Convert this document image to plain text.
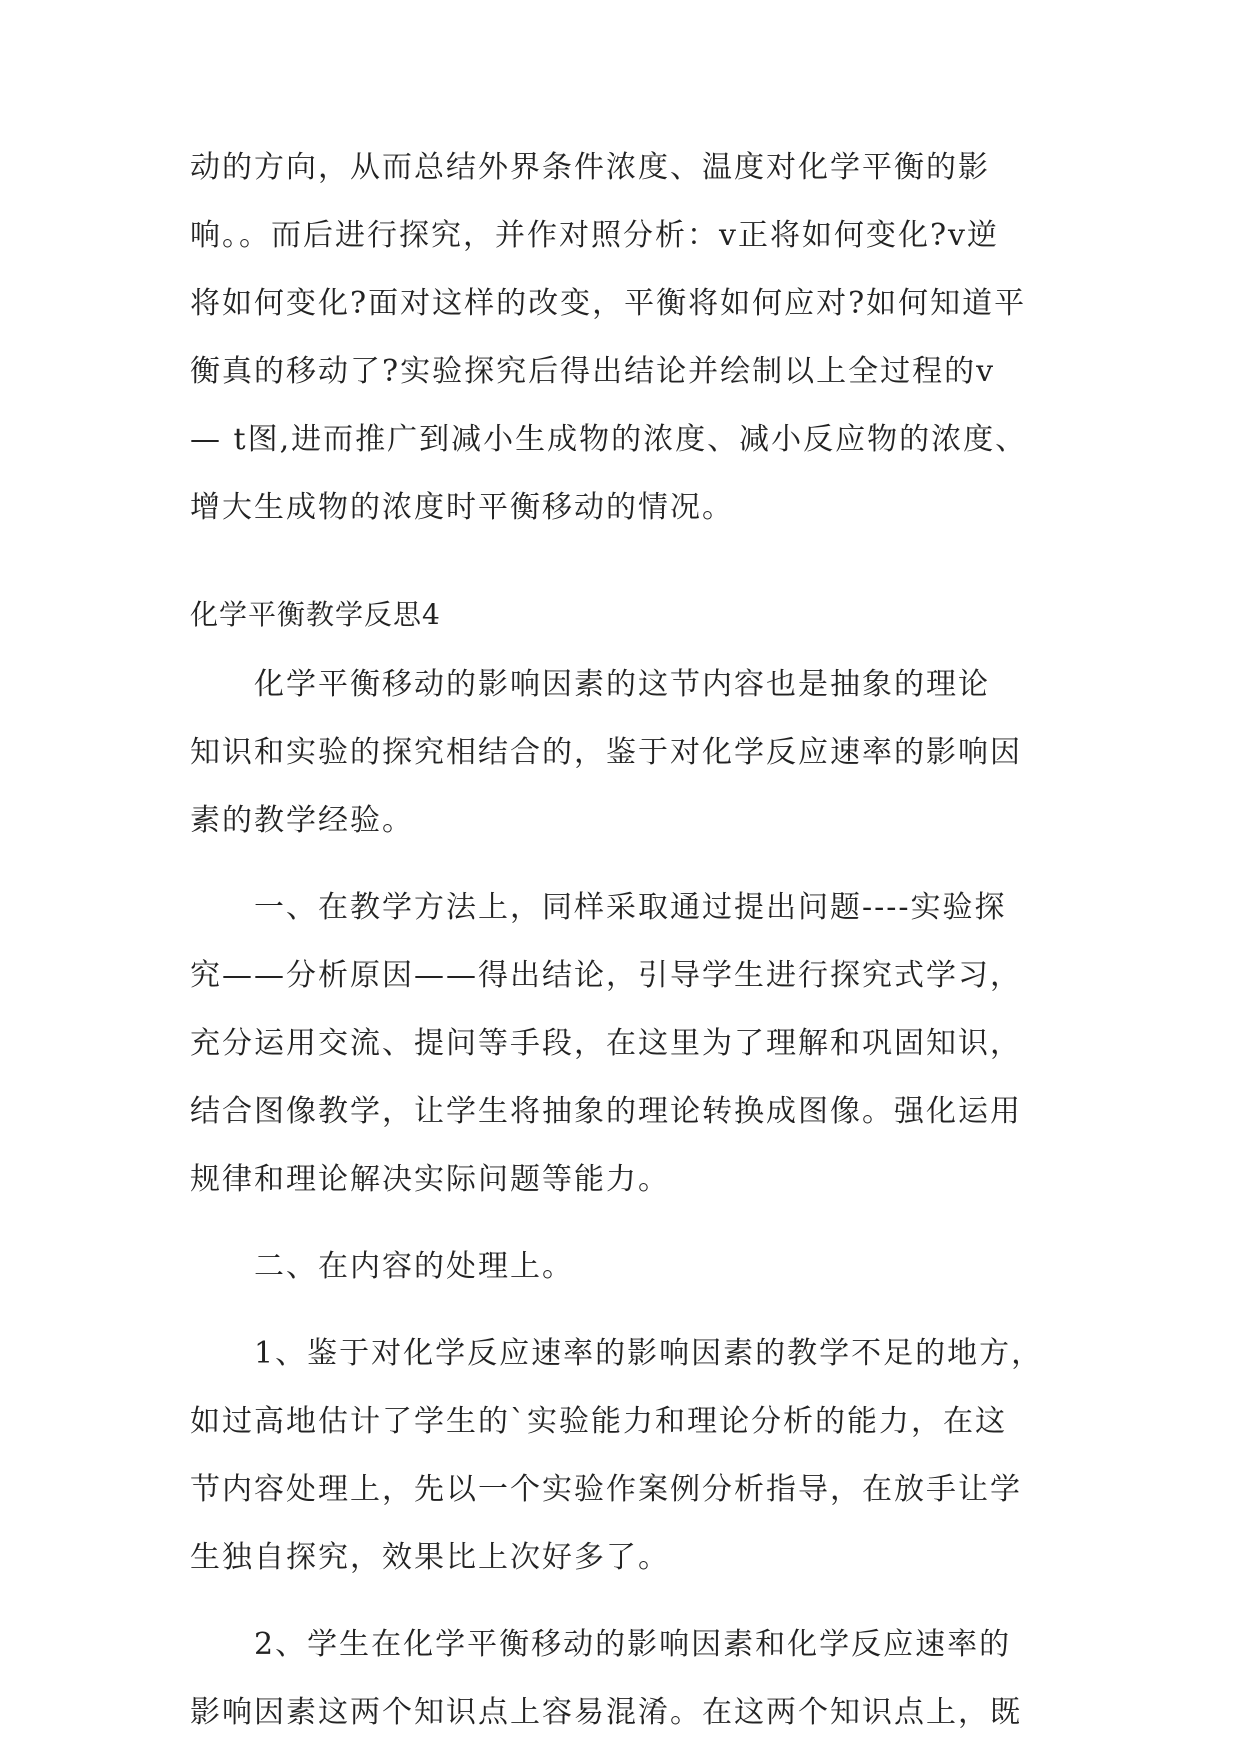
动的方向，从而总结外界条件浓度、温度对化学平衡的影
响。。而后进行探究，并作对照分析：v正将如何变化?v逆
将如何变化?面对这样的改变，平衡将如何应对?如何知道平
衡真的移动了?实验探究后得出结论并绘制以上全过程的v
— t图,进而推广到减小生成物的浓度、减小反应物的浓度、
增大生成物的浓度时平衡移动的情况。
化学平衡教学反思4
化学平衡移动的影响因素的这节内容也是抽象的理论
知识和实验的探究相结合的，鉴于对化学反应速率的影响因
素的教学经验。
一、在教学方法上，同样采取通过提出问题----实验探
究——分析原因——得出结论，引导学生进行探究式学习，
充分运用交流、提问等手段，在这里为了理解和巩固知识，
结合图像教学，让学生将抽象的理论转换成图像。强化运用
规律和理论解决实际问题等能力。
二、在内容的处理上。
1、鉴于对化学反应速率的影响因素的教学不足的地方，
如过高地估计了学生的`实验能力和理论分析的能力，在这
节内容处理上，先以一个实验作案例分析指导，在放手让学
生独自探究，效果比上次好多了。
2、学生在化学平衡移动的影响因素和化学反应速率的
影响因素这两个知识点上容易混淆。在这两个知识点上，既
